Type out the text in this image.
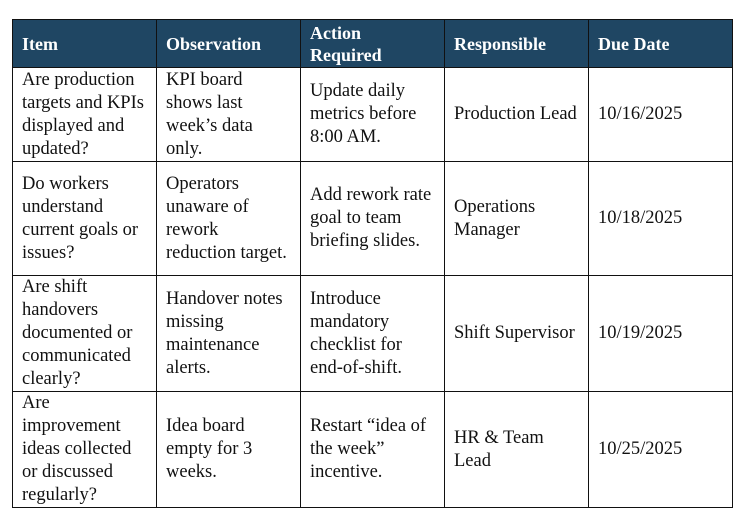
Item	Observation	Action Required	Responsible	Due Date
Are production targets and KPIs displayed and updated?	KPI board shows last week’s data only.	Update daily metrics before 8:00 AM.	Production Lead	10/16/2025
Do workers understand current goals or issues?	Operators unaware of rework reduction target.	Add rework rate goal to team briefing slides.	Operations Manager	10/18/2025
Are shift handovers documented or communicated clearly?	Handover notes missing maintenance alerts.	Introduce mandatory checklist for end-of-shift.	Shift Supervisor	10/19/2025
Are improvement ideas collected or discussed regularly?	Idea board empty for 3 weeks.	Restart “idea of the week” incentive.	HR & Team Lead	10/25/2025
